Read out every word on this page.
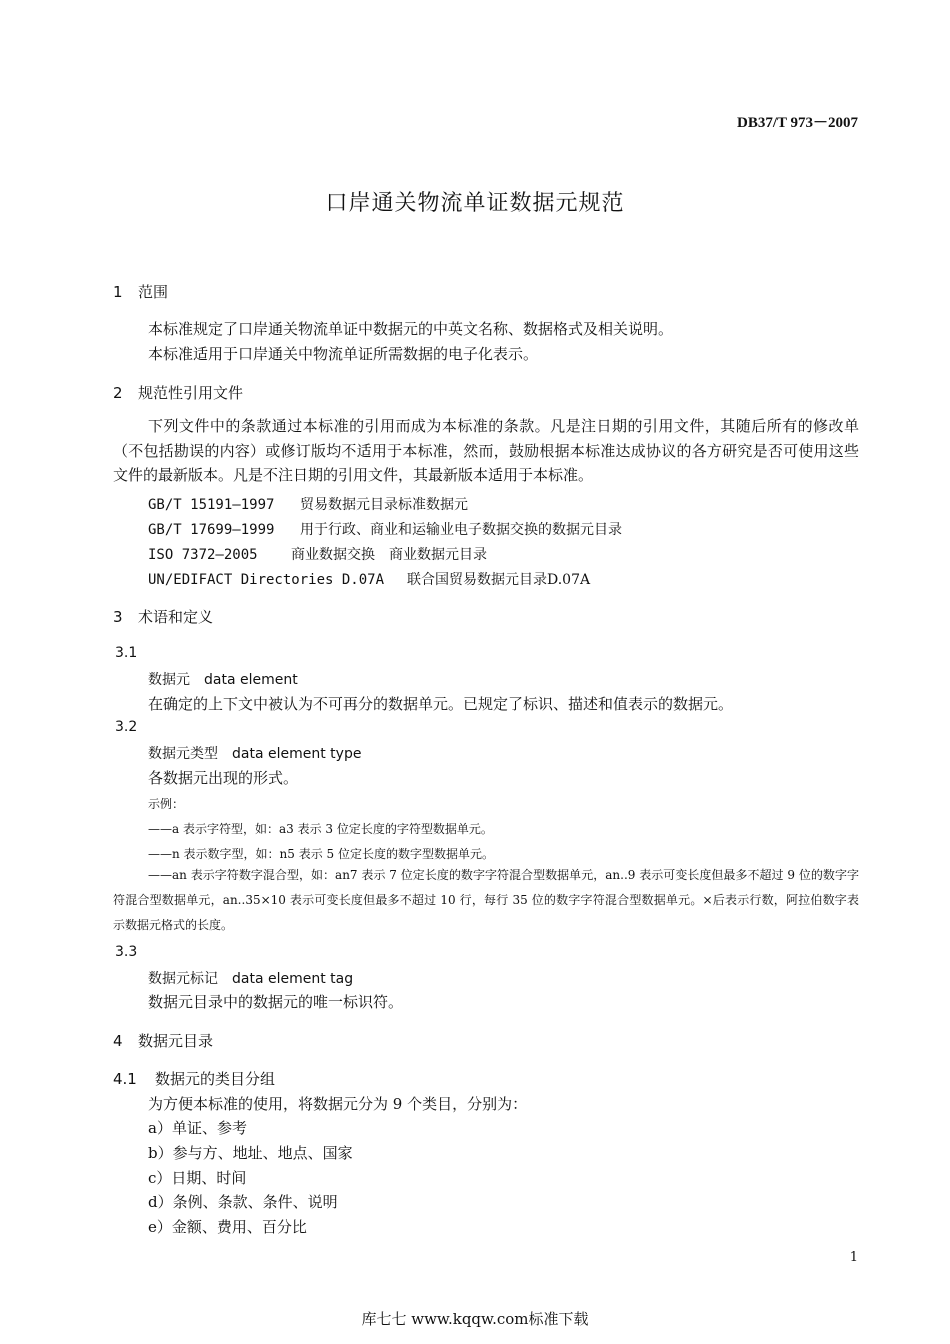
DB37/T 973－2007
口岸通关物流单证数据元规范
1 范围
本标准规定了口岸通关物流单证中数据元的中英文名称、数据格式及相关说明。
本标准适用于口岸通关中物流单证所需数据的电子化表示。
2 规范性引用文件
下列文件中的条款通过本标准的引用而成为本标准的条款。凡是注日期的引用文件，其随后所有的修改单（不包括勘误的内容）或修订版均不适用于本标准，然而，鼓励根据本标准达成协议的各方研究是否可使用这些文件的最新版本。凡是不注日期的引用文件，其最新版本适用于本标准。
GB/T 15191—1997 贸易数据元目录标准数据元
GB/T 17699—1999 用于行政、商业和运输业电子数据交换的数据元目录
ISO 7372—2005 商业数据交换　商业数据元目录
UN/EDIFACT Directories D.07A 联合国贸易数据元目录D.07A
3 术语和定义
3.1
数据元　data element
在确定的上下文中被认为不可再分的数据单元。已规定了标识、描述和值表示的数据元。
3.2
数据元类型　data element type
各数据元出现的形式。
示例：
——a 表示字符型，如：a3 表示 3 位定长度的字符型数据单元。
——n 表示数字型，如：n5 表示 5 位定长度的数字型数据单元。
——an 表示字符数字混合型，如：an7 表示 7 位定长度的数字字符混合型数据单元，an..9 表示可变长度但最多不超过 9 位的数字字符混合型数据单元，an..35×10 表示可变长度但最多不超过 10 行，每行 35 位的数字字符混合型数据单元。×后表示行数，阿拉伯数字表示数据元格式的长度。
3.3
数据元标记　data element tag
数据元目录中的数据元的唯一标识符。
4 数据元目录
4.1 数据元的类目分组
为方便本标准的使用，将数据元分为 9 个类目，分别为：
a）单证、参考
b）参与方、地址、地点、国家
c）日期、时间
d）条例、条款、条件、说明
e）金额、费用、百分比
1
库七七 www.kqqw.com标准下载
